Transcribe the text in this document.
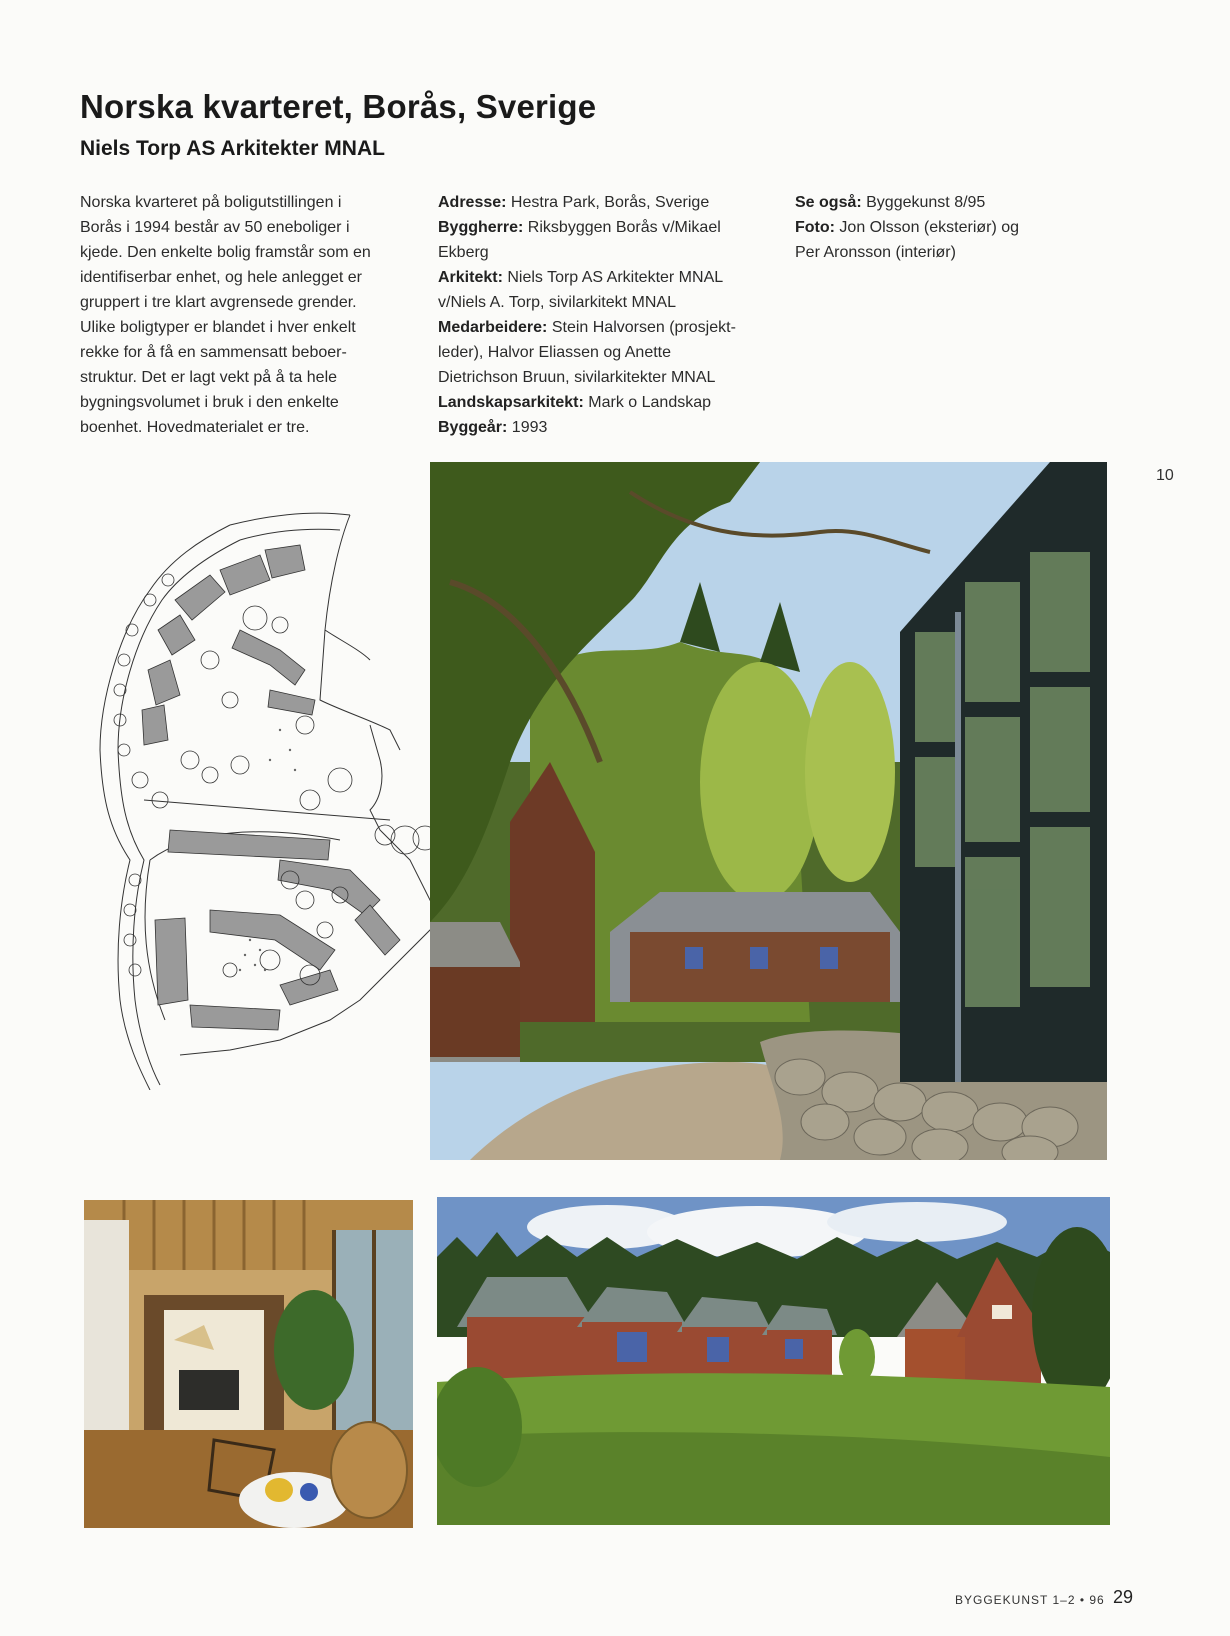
Norska kvarteret, Borås, Sverige
Niels Torp AS Arkitekter MNAL
Norska kvarteret på boligutstillingen i
Borås i 1994 består av 50 eneboliger i
kjede. Den enkelte bolig framstår som en
identifiserbar enhet, og hele anlegget er
gruppert i tre klart avgrensede grender.
Ulike boligtyper er blandet i hver enkelt
rekke for å få en sammensatt beboer-
struktur. Det er lagt vekt på å ta hele
bygningsvolumet i bruk i den enkelte
boenhet. Hovedmaterialet er tre.
Adresse: Hestra Park, Borås, Sverige
Byggherre: Riksbyggen Borås v/Mikael
Ekberg
Arkitekt: Niels Torp AS Arkitekter MNAL
v/Niels A. Torp, sivilarkitekt MNAL
Medarbeidere: Stein Halvorsen (prosjekt-
leder), Halvor Eliassen og Anette
Dietrichson Bruun, sivilarkitekter MNAL
Landskapsarkitekt: Mark o Landskap
Byggeår: 1993
Se også: Byggekunst 8/95
Foto: Jon Olsson (eksteriør) og
Per Aronsson (interiør)
10
BYGGEKUNST 1–2 • 96 29
